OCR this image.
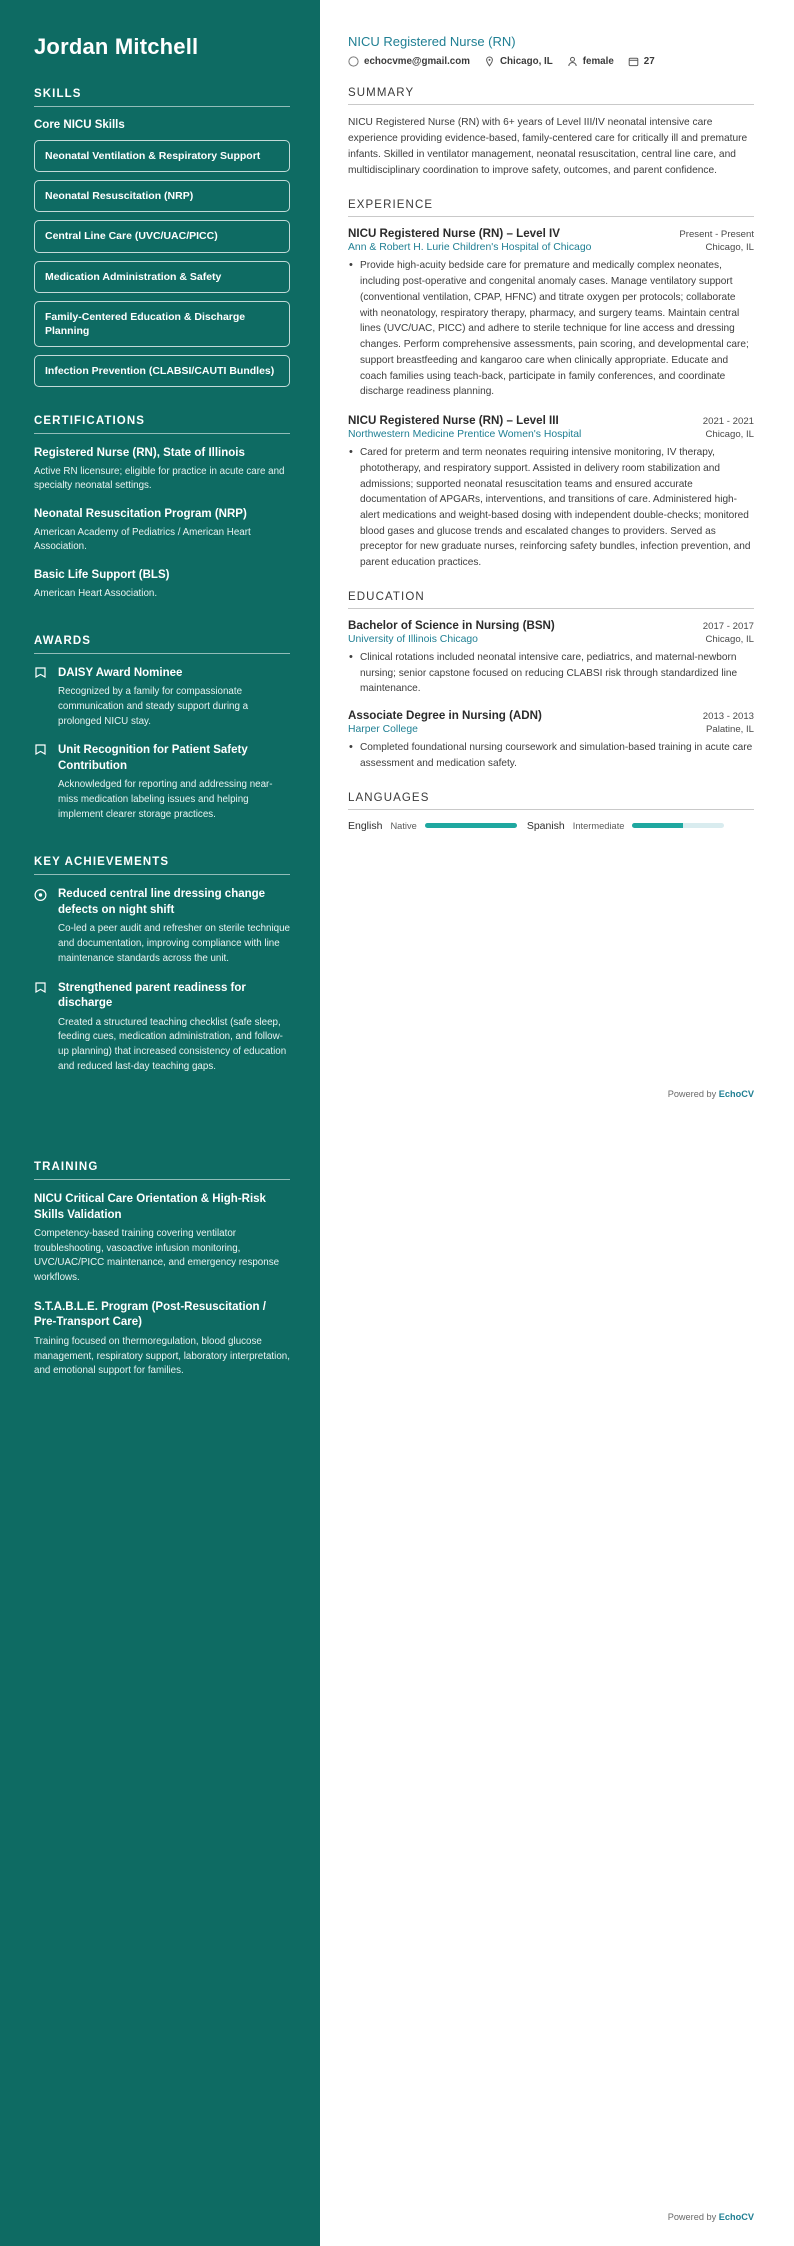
Jordan Mitchell
SKILLS
Core NICU Skills
Neonatal Ventilation & Respiratory Support
Neonatal Resuscitation (NRP)
Central Line Care (UVC/UAC/PICC)
Medication Administration & Safety
Family-Centered Education & Discharge Planning
Infection Prevention (CLABSI/CAUTI Bundles)
CERTIFICATIONS
Registered Nurse (RN), State of Illinois
Active RN licensure; eligible for practice in acute care and specialty neonatal settings.
Neonatal Resuscitation Program (NRP)
American Academy of Pediatrics / American Heart Association.
Basic Life Support (BLS)
American Heart Association.
AWARDS
DAISY Award Nominee
Recognized by a family for compassionate communication and steady support during a prolonged NICU stay.
Unit Recognition for Patient Safety Contribution
Acknowledged for reporting and addressing near-miss medication labeling issues and helping implement clearer storage practices.
KEY ACHIEVEMENTS
Reduced central line dressing change defects on night shift
Co-led a peer audit and refresher on sterile technique and documentation, improving compliance with line maintenance standards across the unit.
Strengthened parent readiness for discharge
Created a structured teaching checklist (safe sleep, feeding cues, medication administration, and follow-up planning) that increased consistency of education and reduced last-day teaching gaps.
NICU Registered Nurse (RN)
echocvme@gmail.com	Chicago, IL	female	27
SUMMARY
NICU Registered Nurse (RN) with 6+ years of Level III/IV neonatal intensive care experience providing evidence-based, family-centered care for critically ill and premature infants. Skilled in ventilator management, neonatal resuscitation, central line care, and multidisciplinary coordination to improve safety, outcomes, and parent confidence.
EXPERIENCE
NICU Registered Nurse (RN) – Level IV	Present - Present
Ann & Robert H. Lurie Children's Hospital of Chicago	Chicago, IL
• Provide high-acuity bedside care for premature and medically complex neonates, including post-operative and congenital anomaly cases. Manage ventilatory support (conventional ventilation, CPAP, HFNC) and titrate oxygen per protocols; collaborate with neonatology, respiratory therapy, pharmacy, and surgery teams. Maintain central lines (UVC/UAC, PICC) and adhere to sterile technique for line access and dressing changes. Perform comprehensive assessments, pain scoring, and developmental care; support breastfeeding and kangaroo care when clinically appropriate. Educate and coach families using teach-back, participate in family conferences, and coordinate discharge readiness planning.
NICU Registered Nurse (RN) – Level III	2021 - 2021
Northwestern Medicine Prentice Women's Hospital	Chicago, IL
• Cared for preterm and term neonates requiring intensive monitoring, IV therapy, phototherapy, and respiratory support. Assisted in delivery room stabilization and admissions; supported neonatal resuscitation teams and ensured accurate documentation of APGARs, interventions, and transitions of care. Administered high-alert medications and weight-based dosing with independent double-checks; monitored blood gases and glucose trends and escalated changes to providers. Served as preceptor for new graduate nurses, reinforcing safety bundles, infection prevention, and parent education practices.
EDUCATION
Bachelor of Science in Nursing (BSN)	2017 - 2017
University of Illinois Chicago	Chicago, IL
• Clinical rotations included neonatal intensive care, pediatrics, and maternal-newborn nursing; senior capstone focused on reducing CLABSI risk through standardized line maintenance.
Associate Degree in Nursing (ADN)	2013 - 2013
Harper College	Palatine, IL
• Completed foundational nursing coursework and simulation-based training in acute care assessment and medication safety.
LANGUAGES
English Native	Spanish Intermediate
Powered by EchoCV
TRAINING
NICU Critical Care Orientation & High-Risk Skills Validation
Competency-based training covering ventilator troubleshooting, vasoactive infusion monitoring, UVC/UAC/PICC maintenance, and emergency response workflows.
S.T.A.B.L.E. Program (Post-Resuscitation / Pre-Transport Care)
Training focused on thermoregulation, blood glucose management, respiratory support, laboratory interpretation, and emotional support for families.
Powered by EchoCV
